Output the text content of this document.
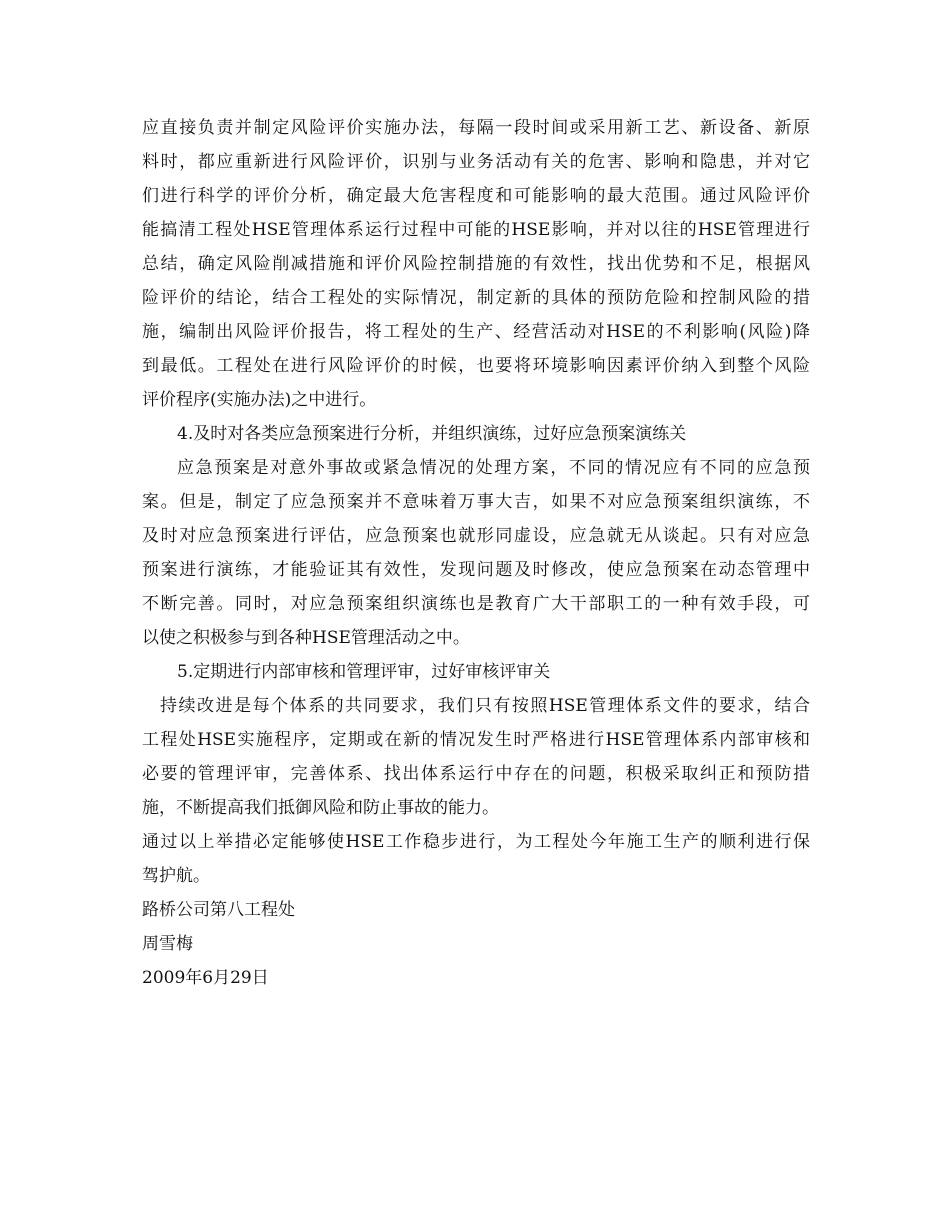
应直接负责并制定风险评价实施办法，每隔一段时间或采用新工艺、新设备、新原
料时，都应重新进行风险评价，识别与业务活动有关的危害、影响和隐患，并对它
们进行科学的评价分析，确定最大危害程度和可能影响的最大范围。通过风险评价
能搞清工程处HSE管理体系运行过程中可能的HSE影响，并对以往的HSE管理进行
总结，确定风险削减措施和评价风险控制措施的有效性，找出优势和不足，根据风
险评价的结论，结合工程处的实际情况，制定新的具体的预防危险和控制风险的措
施，编制出风险评价报告，将工程处的生产、经营活动对HSE的不利影响(风险)降
到最低。工程处在进行风险评价的时候，也要将环境影响因素评价纳入到整个风险
评价程序(实施办法)之中进行。
4.及时对各类应急预案进行分析，并组织演练，过好应急预案演练关
应急预案是对意外事故或紧急情况的处理方案，不同的情况应有不同的应急预
案。但是，制定了应急预案并不意味着万事大吉，如果不对应急预案组织演练，不
及时对应急预案进行评估，应急预案也就形同虚设，应急就无从谈起。只有对应急
预案进行演练，才能验证其有效性，发现问题及时修改，使应急预案在动态管理中
不断完善。同时，对应急预案组织演练也是教育广大干部职工的一种有效手段，可
以使之积极参与到各种HSE管理活动之中。
5.定期进行内部审核和管理评审，过好审核评审关
持续改进是每个体系的共同要求，我们只有按照HSE管理体系文件的要求，结合
工程处HSE实施程序，定期或在新的情况发生时严格进行HSE管理体系内部审核和
必要的管理评审，完善体系、找出体系运行中存在的问题，积极采取纠正和预防措
施，不断提高我们抵御风险和防止事故的能力。
通过以上举措必定能够使HSE工作稳步进行，为工程处今年施工生产的顺利进行保
驾护航。
路桥公司第八工程处
周雪梅
2009年6月29日
